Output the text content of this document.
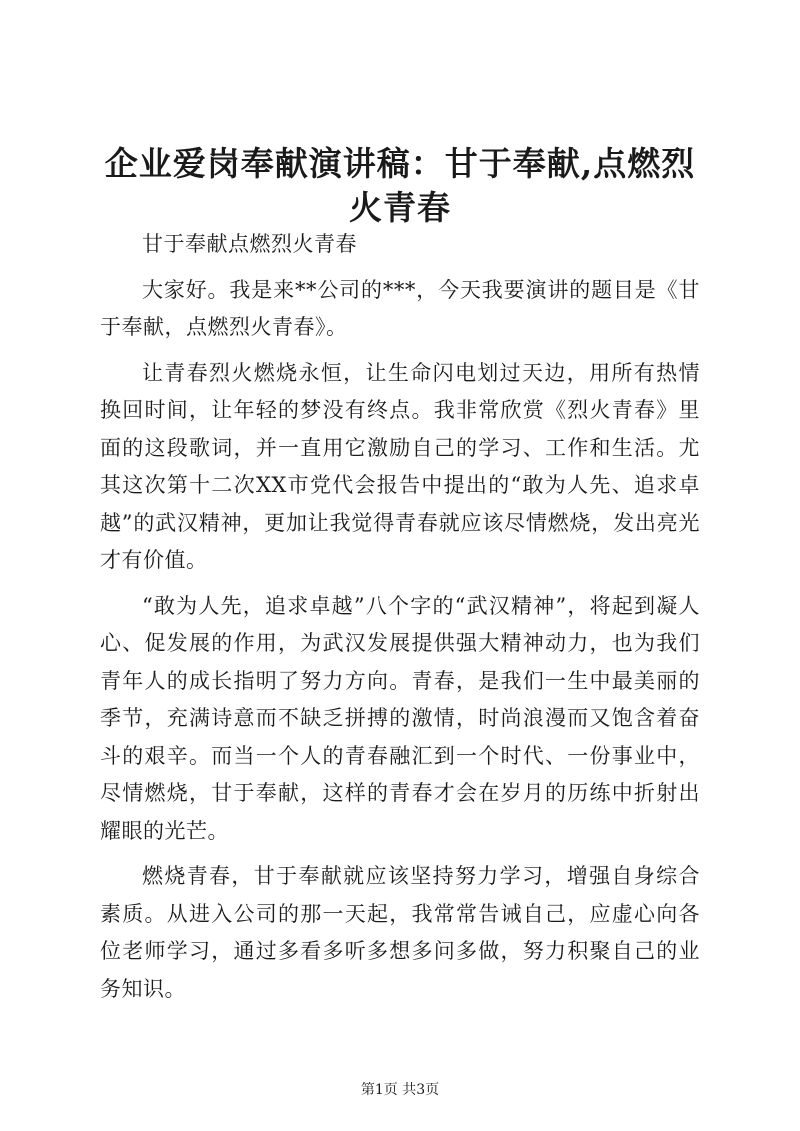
企业爱岗奉献演讲稿：甘于奉献,点燃烈火青春

甘于奉献点燃烈火青春

大家好。我是来**公司的***，今天我要演讲的题目是《甘于奉献，点燃烈火青春》。

让青春烈火燃烧永恒，让生命闪电划过天边，用所有热情换回时间，让年轻的梦没有终点。我非常欣赏《烈火青春》里面的这段歌词，并一直用它激励自己的学习、工作和生活。尤其这次第十二次XX市党代会报告中提出的“敢为人先、追求卓越”的武汉精神，更加让我觉得青春就应该尽情燃烧，发出亮光才有价值。

“敢为人先，追求卓越”八个字的“武汉精神”，将起到凝人心、促发展的作用，为武汉发展提供强大精神动力，也为我们青年人的成长指明了努力方向。青春，是我们一生中最美丽的季节，充满诗意而不缺乏拼搏的激情，时尚浪漫而又饱含着奋斗的艰辛。而当一个人的青春融汇到一个时代、一份事业中，尽情燃烧，甘于奉献，这样的青春才会在岁月的历练中折射出耀眼的光芒。

燃烧青春，甘于奉献就应该坚持努力学习，增强自身综合素质。从进入公司的那一天起，我常常告诫自己，应虚心向各位老师学习，通过多看多听多想多问多做，努力积聚自己的业务知识。

第1页 共3页
